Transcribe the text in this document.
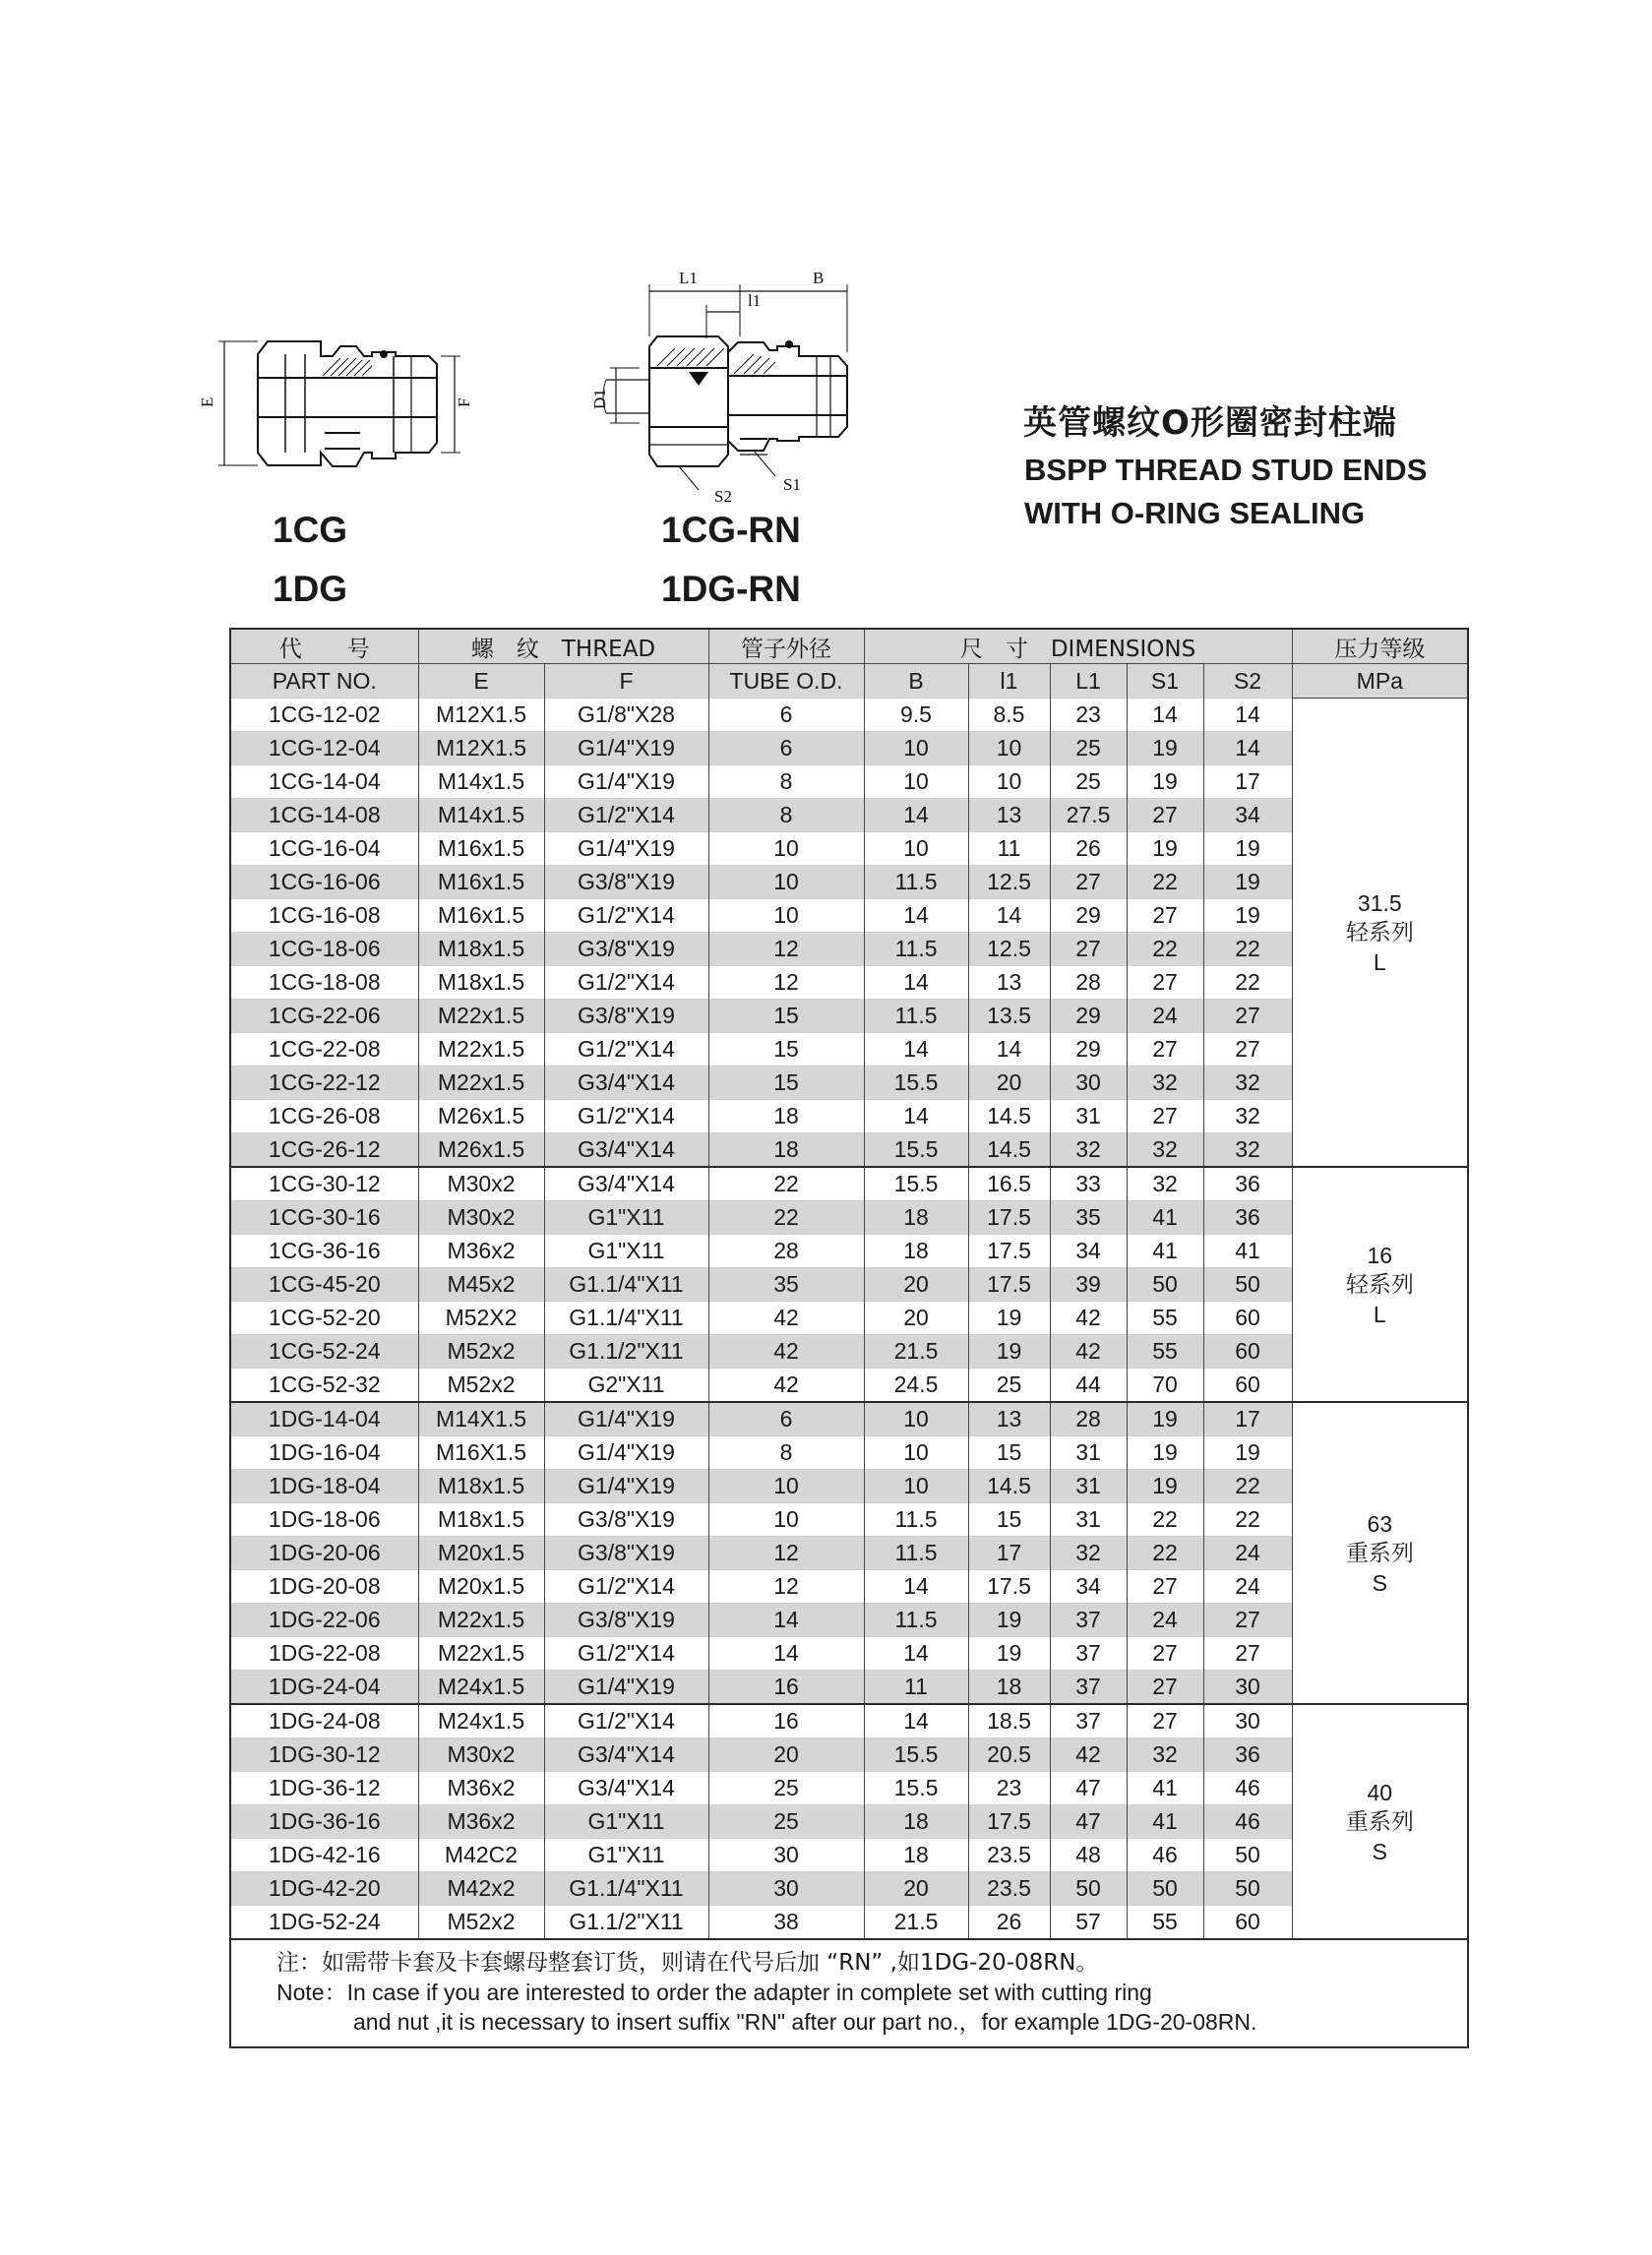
E	F
L1	B
l1
D1
S2
S1
1CG
1DG
1CG-RN
1DG-RN
英管螺纹O形圈密封柱端
BSPP THREAD STUD ENDS
WITH O-RING SEALING
代　　号	螺　纹　THREAD		管子外径	尺　寸　DIMENSIONS					压力等级
PART NO.	E	F	TUBE O.D.	B	l1	L1	S1	S2	MPa
1CG-12-02	M12X1.5	G1/8"X28	6	9.5	8.5	23	14	14	31.5
轻系列
L

1CG-12-04	M12X1.5	G1/4"X19	6	10	10	25	19	14	
1CG-14-04	M14x1.5	G1/4"X19	8	10	10	25	19	17	
1CG-14-08	M14x1.5	G1/2"X14	8	14	13	27.5	27	34	
1CG-16-04	M16x1.5	G1/4"X19	10	10	11	26	19	19	
1CG-16-06	M16x1.5	G3/8"X19	10	11.5	12.5	27	22	19	
1CG-16-08	M16x1.5	G1/2"X14	10	14	14	29	27	19	
1CG-18-06	M18x1.5	G3/8"X19	12	11.5	12.5	27	22	22	
1CG-18-08	M18x1.5	G1/2"X14	12	14	13	28	27	22	
1CG-22-06	M22x1.5	G3/8"X19	15	11.5	13.5	29	24	27	
1CG-22-08	M22x1.5	G1/2"X14	15	14	14	29	27	27	
1CG-22-12	M22x1.5	G3/4"X14	15	15.5	20	30	32	32	
1CG-26-08	M26x1.5	G1/2"X14	18	14	14.5	31	27	32	
1CG-26-12	M26x1.5	G3/4"X14	18	15.5	14.5	32	32	32	
1CG-30-12	M30x2	G3/4"X14	22	15.5	16.5	33	32	36	16
轻系列
L

1CG-30-16	M30x2	G1"X11	22	18	17.5	35	41	36	
1CG-36-16	M36x2	G1"X11	28	18	17.5	34	41	41	
1CG-45-20	M45x2	G1.1/4"X11	35	20	17.5	39	50	50	
1CG-52-20	M52X2	G1.1/4"X11	42	20	19	42	55	60	
1CG-52-24	M52x2	G1.1/2"X11	42	21.5	19	42	55	60	
1CG-52-32	M52x2	G2"X11	42	24.5	25	44	70	60	
1DG-14-04	M14X1.5	G1/4"X19	6	10	13	28	19	17	63
重系列
S

1DG-16-04	M16X1.5	G1/4"X19	8	10	15	31	19	19	
1DG-18-04	M18x1.5	G1/4"X19	10	10	14.5	31	19	22	
1DG-18-06	M18x1.5	G3/8"X19	10	11.5	15	31	22	22	
1DG-20-06	M20x1.5	G3/8"X19	12	11.5	17	32	22	24	
1DG-20-08	M20x1.5	G1/2"X14	12	14	17.5	34	27	24	
1DG-22-06	M22x1.5	G3/8"X19	14	11.5	19	37	24	27	
1DG-22-08	M22x1.5	G1/2"X14	14	14	19	37	27	27	
1DG-24-04	M24x1.5	G1/4"X19	16	11	18	37	27	30	
1DG-24-08	M24x1.5	G1/2"X14	16	14	18.5	37	27	30	40
重系列
S

1DG-30-12	M30x2	G3/4"X14	20	15.5	20.5	42	32	36	
1DG-36-12	M36x2	G3/4"X14	25	15.5	23	47	41	46	
1DG-36-16	M36x2	G1"X11	25	18	17.5	47	41	46	
1DG-42-16	M42C2	G1"X11	30	18	23.5	48	46	50	
1DG-42-20	M42x2	G1.1/4"X11	30	20	23.5	50	50	50	
1DG-52-24	M52x2	G1.1/2"X11	38	21.5	26	57	55	60	

注：如需带卡套及卡套螺母整套订货，则请在代号后加 “RN” ,如1DG-20-08RN。
Note：In case if you are interested to order the adapter in complete set with cutting ring
and nut ,it is necessary to insert suffix "RN" after our part no.，for example 1DG-20-08RN.									
